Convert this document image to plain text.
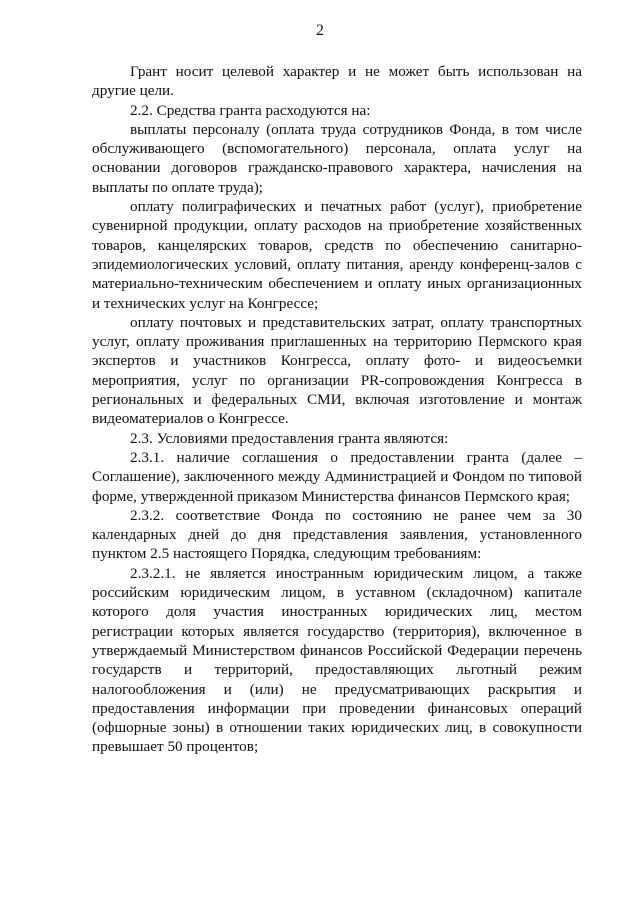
2

Грант носит целевой характер и не может быть использован на другие цели.

2.2. Средства гранта расходуются на:

выплаты персоналу (оплата труда сотрудников Фонда, в том числе обслуживающего (вспомогательного) персонала, оплата услуг на основании договоров гражданско-правового характера, начисления на выплаты по оплате труда);

оплату полиграфических и печатных работ (услуг), приобретение сувенирной продукции, оплату расходов на приобретение хозяйственных товаров, канцелярских товаров, средств по обеспечению санитарно-эпидемиологических условий, оплату питания, аренду конференц-залов с материально-техническим обеспечением и оплату иных организационных и технических услуг на Конгрессе;

оплату почтовых и представительских затрат, оплату транспортных услуг, оплату проживания приглашенных на территорию Пермского края экспертов и участников Конгресса, оплату фото- и видеосъемки мероприятия, услуг по организации PR-сопровождения Конгресса в региональных и федеральных СМИ, включая изготовление и монтаж видеоматериалов о Конгрессе.

2.3. Условиями предоставления гранта являются:

2.3.1. наличие соглашения о предоставлении гранта (далее – Соглашение), заключенного между Администрацией и Фондом по типовой форме, утвержденной приказом Министерства финансов Пермского края;

2.3.2. соответствие Фонда по состоянию не ранее чем за 30 календарных дней до дня представления заявления, установленного пунктом 2.5 настоящего Порядка, следующим требованиям:

2.3.2.1. не является иностранным юридическим лицом, а также российским юридическим лицом, в уставном (складочном) капитале которого доля участия иностранных юридических лиц, местом регистрации которых является государство (территория), включенное в утверждаемый Министерством финансов Российской Федерации перечень государств и территорий, предоставляющих льготный режим налогообложения и (или) не предусматривающих раскрытия и предоставления информации при проведении финансовых операций (офшорные зоны) в отношении таких юридических лиц, в совокупности превышает 50 процентов;
